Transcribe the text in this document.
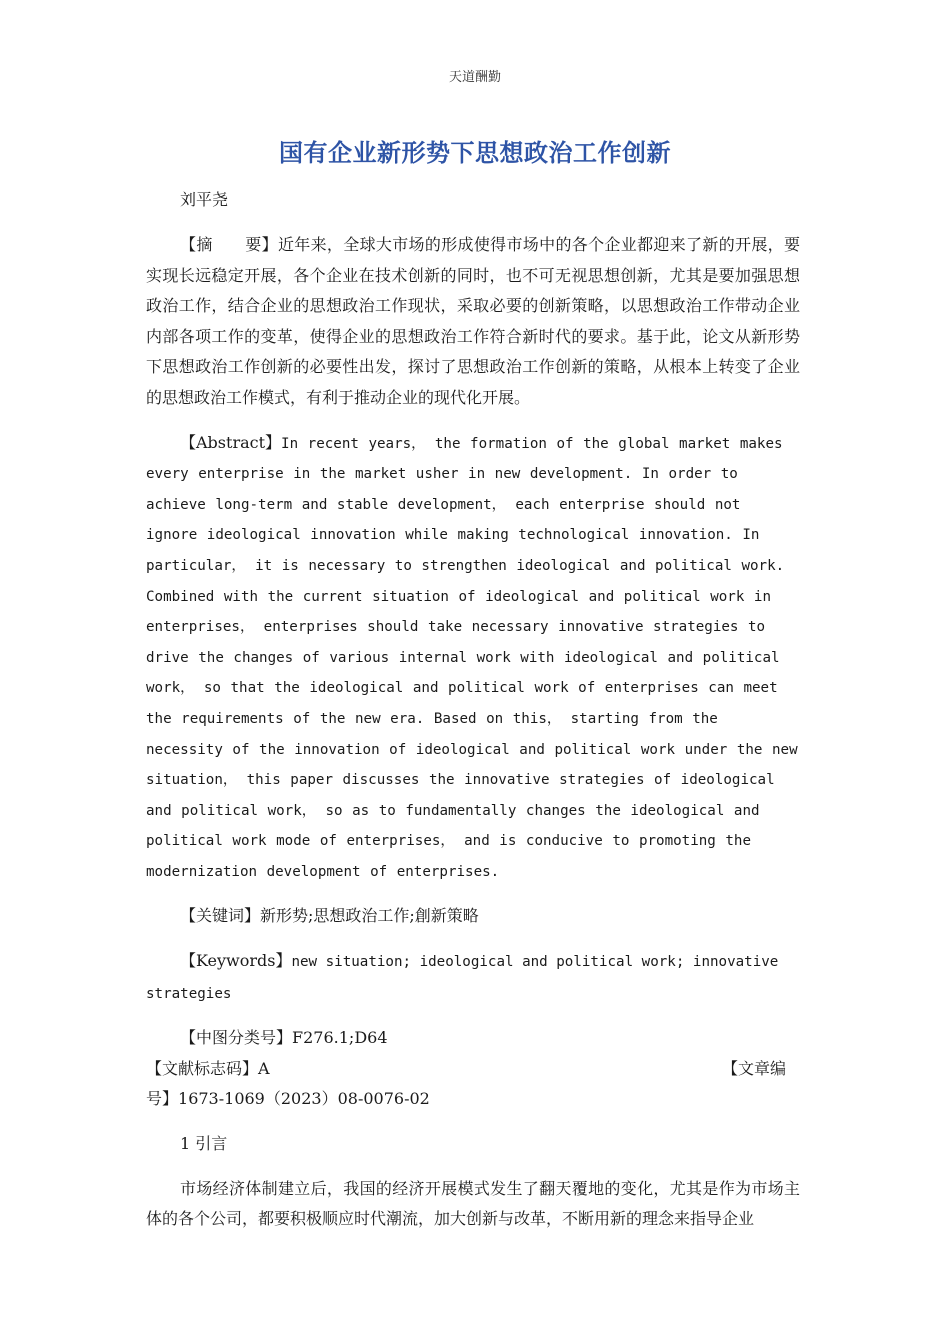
天道酬勤
国有企业新形势下思想政治工作创新
刘平尧

【摘　　要】近年来，全球大市场的形成使得市场中的各个企业都迎来了新的开展，要实现长远稳定开展，各个企业在技术创新的同时，也不可无视思想创新，尤其是要加强思想政治工作，结合企业的思想政治工作现状，采取必要的创新策略，以思想政治工作带动企业内部各项工作的变革，使得企业的思想政治工作符合新时代的要求。基于此，论文从新形势下思想政治工作创新的必要性出发，探讨了思想政治工作创新的策略，从根本上转变了企业的思想政治工作模式，有利于推动企业的现代化开展。

【Abstract】In recent years， the formation of the global market makes every enterprise in the market usher in new development. In order to achieve long-term and stable development， each enterprise should not ignore ideological innovation while making technological innovation. In particular， it is necessary to strengthen ideological and political work. Combined with the current situation of ideological and political work in enterprises， enterprises should take necessary innovative strategies to drive the changes of various internal work with ideological and political work， so that the ideological and political work of enterprises can meet the requirements of the new era. Based on this， starting from the necessity of the innovation of ideological and political work under the new situation， this paper discusses the innovative strategies of ideological and political work， so as to fundamentally changes the ideological and political work mode of enterprises， and is conducive to promoting the modernization development of enterprises.

【关键词】新形势;思想政治工作;創新策略

【Keywords】new situation; ideological and political work; innovative strategies

【中图分类号】F276.1;D64

【文献标志码】A	【文章编

号】1673-1069（2023）08-0076-02

1 引言

市场经济体制建立后，我国的经济开展模式发生了翻天覆地的变化，尤其是作为市场主体的各个公司，都要积极顺应时代潮流，加大创新与改革，不断用新的理念来指导企业
